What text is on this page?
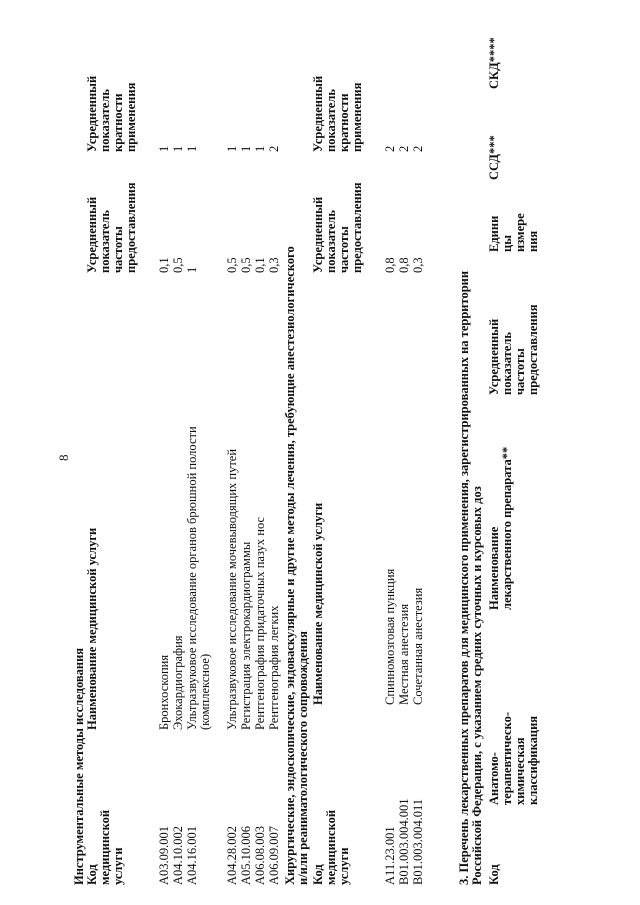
8
Инструментальные методы исследования Код
медицинской
услуги
Наименование медицинской услуги
Усредненный
показатель
частоты
предоставления
Усредненный
показатель
кратности
применения
A03.09.001
Бронхоскопия
0,1
1
A04.10.002
Эхокардиография
0,5
1
A04.16.001
Ультразвуковое исследование органов брюшной полости
(комплексное)
1
1
A04.28.002
Ультразвуковое исследование мочевыводящих путей
0,5
1
A05.10.006
Регистрация электрокардиограммы
0,5
1
A06.08.003
Рентгенография придаточных пазух нос
0,1
1
A06.09.007
Рентгенография легких
0,3
2
Хирургические, эндоскопические, эндоваскулярные и другие методы лечения, требующие анестезиологического
и/или реаниматологического сопровождения
Код
медицинской
услуги
Наименование медицинской услуги
Усредненный
показатель
частоты
предоставления
Усредненный
показатель
кратности
применения
A11.23.001
Спинномозговая пункция
0,8
2
B01.003.004.001
Местная анестезия
0,8
2
B01.003.004.011
Сочетанная анестезия
0,3
2
3. Перечень лекарственных препаратов для медицинского применения, зарегистрированных на территории
Российской Федерации, с указанием средних суточных и курсовых доз
Код
Анатомо-
терапевтическо-
химическая
классификация
Наименование
лекарственного препарата**
Усредненный
показатель
частоты
предоставления
Едини
цы
измере
ния
ССД***
СКД****
